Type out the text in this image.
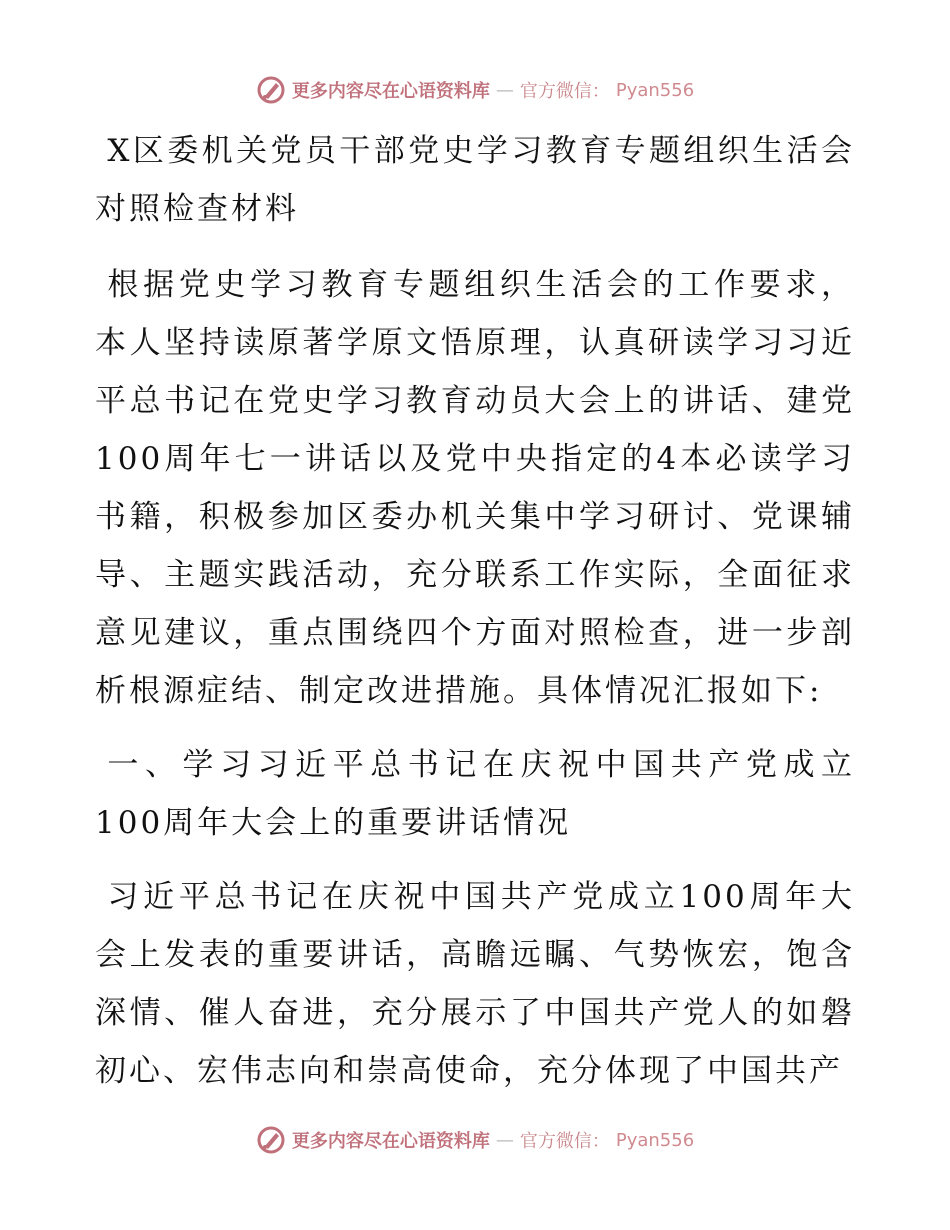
更多内容尽在心语资料库 — 官方微信： Pyan556

X区委机关党员干部党史学习教育专题组织生活会对照检查材料

根据党史学习教育专题组织生活会的工作要求，本人坚持读原著学原文悟原理，认真研读学习习近平总书记在党史学习教育动员大会上的讲话、建党100周年七一讲话以及党中央指定的4本必读学习书籍，积极参加区委办机关集中学习研讨、党课辅导、主题实践活动，充分联系工作实际，全面征求意见建议，重点围绕四个方面对照检查，进一步剖析根源症结、制定改进措施。具体情况汇报如下:

一、学习习近平总书记在庆祝中国共产党成立100周年大会上的重要讲话情况

习近平总书记在庆祝中国共产党成立100周年大会上发表的重要讲话，高瞻远瞩、气势恢宏，饱含深情、催人奋进，充分展示了中国共产党人的如磐初心、宏伟志向和崇高使命，充分体现了中国共产

更多内容尽在心语资料库 — 官方微信： Pyan556
